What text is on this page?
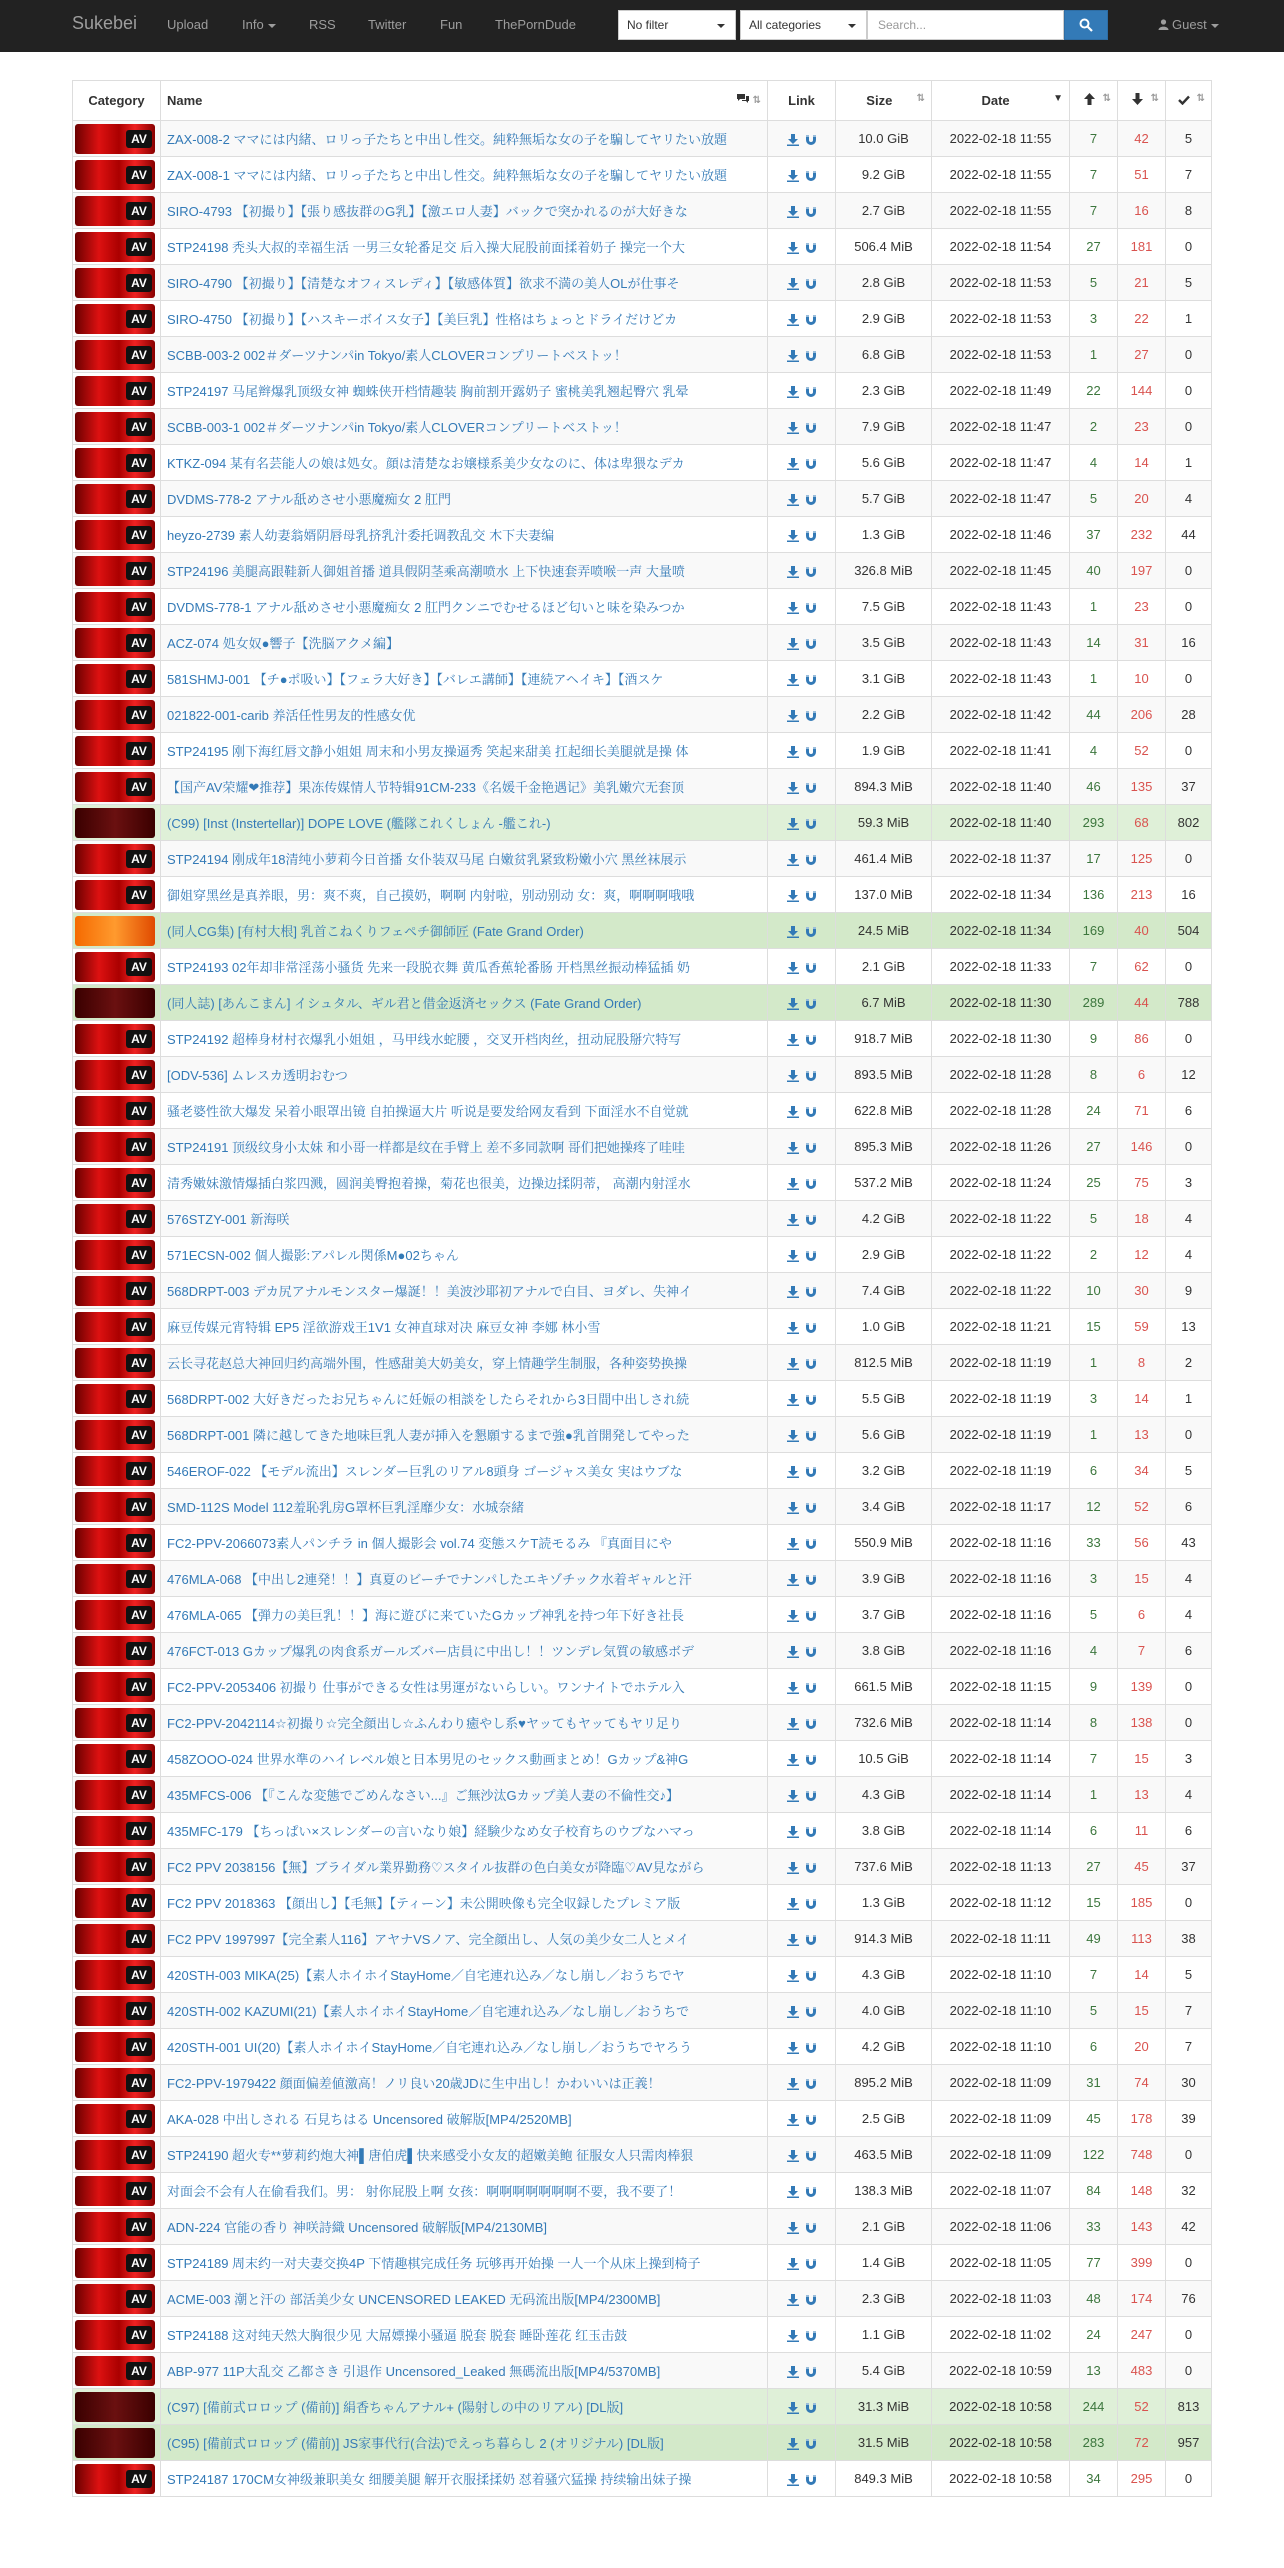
Sukebei Upload	Info	RSS Twitter	Fun	ThePornDude	No filter	All categories	Search...	Guest
Category	Name ⇅	Link	Size ⇅	Date ▼	⇅	⇅	⇅

AV	ZAX-008-2 ママには内緒、ロリっ子たちと中出し性交。純粋無垢な女の子を騙してヤリたい放題		10.0 GiB	2022-02-18 11:55	7	42	5

AV	ZAX-008-1 ママには内緒、ロリっ子たちと中出し性交。純粋無垢な女の子を騙してヤリたい放題		9.2 GiB	2022-02-18 11:55	7	51	7

AV	SIRO-4793 【初撮り】【張り感抜群のG乳】【激エロ人妻】バックで突かれるのが大好きな		2.7 GiB	2022-02-18 11:55	7	16	8

AV	STP24198 秃头大叔的幸福生活 一男三女轮番足交 后入操大屁股前面揉着奶子 操完一个大		506.4 MiB	2022-02-18 11:54	27	181	0

AV	SIRO-4790 【初撮り】【清楚なオフィスレディ】【敏感体質】欲求不満の美人OLが仕事そ		2.8 GiB	2022-02-18 11:53	5	21	5

AV	SIRO-4750 【初撮り】【ハスキーボイス女子】【美巨乳】性格はちょっとドライだけどカ		2.9 GiB	2022-02-18 11:53	3	22	1

AV	SCBB-003-2 002＃ダーツナンパin Tokyo/素人CLOVERコンプリートベストッ！		6.8 GiB	2022-02-18 11:53	1	27	0

AV	STP24197 马尾辫爆乳顶级女神 蜘蛛侠开档情趣装 胸前割开露奶子 蜜桃美乳翘起臀穴 乳晕		2.3 GiB	2022-02-18 11:49	22	144	0

AV	SCBB-003-1 002＃ダーツナンパin Tokyo/素人CLOVERコンプリートベストッ！		7.9 GiB	2022-02-18 11:47	2	23	0

AV	KTKZ-094 某有名芸能人の娘は処女。顔は清楚なお嬢様系美少女なのに、体は卑猥なデカ		5.6 GiB	2022-02-18 11:47	4	14	1

AV	DVDMS-778-2 アナル舐めさせ小悪魔痴女 2 肛門		5.7 GiB	2022-02-18 11:47	5	20	4

AV	heyzo-2739 素人幼妻翁婿阴唇母乳挤乳汁委托调教乱交 木下夫妻编		1.3 GiB	2022-02-18 11:46	37	232	44

AV	STP24196 美腿高跟鞋新人御姐首播 道具假阴茎乘高潮喷水 上下快速套弄喷喉一声 大量喷		326.8 MiB	2022-02-18 11:45	40	197	0

AV	DVDMS-778-1 アナル舐めさせ小悪魔痴女 2 肛門クンニでむせるほど匂いと味を染みつか		7.5 GiB	2022-02-18 11:43	1	23	0

AV	ACZ-074 処女奴●響子【洗脳アクメ編】		3.5 GiB	2022-02-18 11:43	14	31	16

AV	581SHMJ-001 【チ●ポ吸い】【フェラ大好き】【バレエ講師】【連続アヘイキ】【酒スケ		3.1 GiB	2022-02-18 11:43	1	10	0

AV	021822-001-carib 养活任性男友的性感女优		2.2 GiB	2022-02-18 11:42	44	206	28

AV	STP24195 刚下海红唇文静小姐姐 周末和小男友操逼秀 笑起来甜美 扛起细长美腿就是操 体		1.9 GiB	2022-02-18 11:41	4	52	0

AV	【国产AV荣耀❤推荐】果冻传媒情人节特辑91CM-233《名媛千金艳遇记》美乳嫩穴无套顶		894.3 MiB	2022-02-18 11:40	46	135	37

	(C99) [Inst (Instertellar)] DOPE LOVE (艦隊これくしょん -艦これ-)		59.3 MiB	2022-02-18 11:40	293	68	802

AV	STP24194 刚成年18清纯小萝莉今日首播 女仆装双马尾 白嫩贫乳紧致粉嫩小穴 黑丝袜展示		461.4 MiB	2022-02-18 11:37	17	125	0

AV	御姐穿黑丝是真养眼，男：爽不爽，自己摸奶，啊啊 内射啦，别动别动 女：爽，啊啊啊哦哦		137.0 MiB	2022-02-18 11:34	136	213	16

	(同人CG集) [有村大根] 乳首こねくりフェペチ御師匠 (Fate Grand Order)		24.5 MiB	2022-02-18 11:34	169	40	504

AV	STP24193 02年却非常淫荡小骚货 先来一段脱衣舞 黄瓜香蕉轮番肠 开档黑丝振动棒猛插 奶		2.1 GiB	2022-02-18 11:33	7	62	0

	(同人誌) [あんこまん] イシュタル、ギル君と借金返済セックス (Fate Grand Order)		6.7 MiB	2022-02-18 11:30	289	44	788

AV	STP24192 超棒身材村衣爆乳小姐姐 ，马甲线水蛇腰 ，交叉开档肉丝，扭动屁股掰穴特写		918.7 MiB	2022-02-18 11:30	9	86	0

AV	[ODV-536] ムレスカ透明おむつ		893.5 MiB	2022-02-18 11:28	8	6	12

AV	骚老婆性欲大爆发 呆着小眼罩出镜 自拍操逼大片 听说是要发给网友看到 下面淫水不自觉就		622.8 MiB	2022-02-18 11:28	24	71	6

AV	STP24191 顶级纹身小太妹 和小哥一样都是纹在手臂上 差不多同款啊 哥们把她操疼了哇哇		895.3 MiB	2022-02-18 11:26	27	146	0

AV	清秀嫩妹激情爆插白浆四溅，圆润美臀抱着操，菊花也很美，边操边揉阴蒂， 高潮内射淫水		537.2 MiB	2022-02-18 11:24	25	75	3

AV	576STZY-001 新海咲		4.2 GiB	2022-02-18 11:22	5	18	4

AV	571ECSN-002 個人撮影:アパレル関係M●02ちゃん		2.9 GiB	2022-02-18 11:22	2	12	4

AV	568DRPT-003 デカ尻アナルモンスター爆誕！！美波沙耶初アナルで白目、ヨダレ、失神イ		7.4 GiB	2022-02-18 11:22	10	30	9

AV	麻豆传媒元宵特辑 EP5 淫欲游戏王1V1 女神直球对决 麻豆女神 李娜 林小雪		1.0 GiB	2022-02-18 11:21	15	59	13

AV	云长寻花赵总大神回归约高端外围，性感甜美大奶美女，穿上情趣学生制服，各种姿势换操		812.5 MiB	2022-02-18 11:19	1	8	2

AV	568DRPT-002 大好きだったお兄ちゃんに妊娠の相談をしたらそれから3日間中出しされ続		5.5 GiB	2022-02-18 11:19	3	14	1

AV	568DRPT-001 隣に越してきた地味巨乳人妻が挿入を懇願するまで強●乳首開発してやった		5.6 GiB	2022-02-18 11:19	1	13	0

AV	546EROF-022 【モデル流出】スレンダー巨乳のリアル8頭身 ゴージャス美女 実はウブな		3.2 GiB	2022-02-18 11:19	6	34	5

AV	SMD-112S Model 112羞恥乳房G罩杯巨乳淫靡少女：水城奈緒		3.4 GiB	2022-02-18 11:17	12	52	6

AV	FC2-PPV-2066073素人パンチラ in 個人撮影会 vol.74 変態スケT読モるみ 『真面目にや		550.9 MiB	2022-02-18 11:16	33	56	43

AV	476MLA-068 【中出し2連発！！】真夏のビーチでナンパしたエキゾチック水着ギャルと汗		3.9 GiB	2022-02-18 11:16	3	15	4

AV	476MLA-065 【弾力の美巨乳！！】海に遊びに来ていたGカップ神乳を持つ年下好き社長		3.7 GiB	2022-02-18 11:16	5	6	4

AV	476FCT-013 Gカップ爆乳の肉食系ガールズバー店員に中出し！！ツンデレ気質の敏感ボデ		3.8 GiB	2022-02-18 11:16	4	7	6

AV	FC2-PPV-2053406 初撮り 仕事ができる女性は男運がないらしい。ワンナイトでホテル入		661.5 MiB	2022-02-18 11:15	9	139	0

AV	FC2-PPV-2042114☆初撮り☆完全顔出し☆ふんわり癒やし系♥ヤッてもヤッてもヤリ足り		732.6 MiB	2022-02-18 11:14	8	138	0

AV	458ZOOO-024 世界水準のハイレベル娘と日本男児のセックス動画まとめ！Gカップ&神G		10.5 GiB	2022-02-18 11:14	7	15	3

AV	435MFCS-006 【『こんな変態でごめんなさい...』ご無沙汰Gカップ美人妻の不倫性交♪】		4.3 GiB	2022-02-18 11:14	1	13	4

AV	435MFC-179 【ちっぱい×スレンダーの言いなり娘】経験少なめ女子校育ちのウブなハマっ		3.8 GiB	2022-02-18 11:14	6	11	6

AV	FC2 PPV 2038156【無】ブライダル業界勤務♡スタイル抜群の色白美女が降臨♡AV見ながら		737.6 MiB	2022-02-18 11:13	27	45	37

AV	FC2 PPV 2018363 【顔出し】【毛無】【ティーン】未公開映像も完全収録したプレミア版		1.3 GiB	2022-02-18 11:12	15	185	0

AV	FC2 PPV 1997997【完全素人116】アヤナVSノア、完全顔出し、人気の美少女二人とメイ		914.3 MiB	2022-02-18 11:11	49	113	38

AV	420STH-003 MIKA(25)【素人ホイホイStayHome／自宅連れ込み／なし崩し／おうちでヤ		4.3 GiB	2022-02-18 11:10	7	14	5

AV	420STH-002 KAZUMI(21)【素人ホイホイStayHome／自宅連れ込み／なし崩し／おうちで		4.0 GiB	2022-02-18 11:10	5	15	7

AV	420STH-001 UI(20)【素人ホイホイStayHome／自宅連れ込み／なし崩し／おうちでヤろう		4.2 GiB	2022-02-18 11:10	6	20	7

AV	FC2-PPV-1979422 顔面偏差値激高！ノリ良い20歳JDに生中出し！かわいいは正義！		895.2 MiB	2022-02-18 11:09	31	74	30

AV	AKA-028 中出しされる 石見ちはる Uncensored 破解版[MP4/2520MB]		2.5 GiB	2022-02-18 11:09	45	178	39

AV	STP24190 超火专**萝莉约炮大神▌唐伯虎▌快来感受小女友的超嫩美鲍 征服女人只需肉棒狠		463.5 MiB	2022-02-18 11:09	122	748	0

AV	对面会不会有人在偷看我们。男： 射你屁股上啊 女孩：啊啊啊啊啊啊啊不要，我不要了！		138.3 MiB	2022-02-18 11:07	84	148	32

AV	ADN-224 官能の香り 神咲詩織 Uncensored 破解版[MP4/2130MB]		2.1 GiB	2022-02-18 11:06	33	143	42

AV	STP24189 周末约一对夫妻交换4P 下情趣棋完成任务 玩够再开始操 一人一个从床上操到椅子		1.4 GiB	2022-02-18 11:05	77	399	0

AV	ACME-003 潮と汗の 部活美少女 UNCENSORED LEAKED 无码流出版[MP4/2300MB]		2.3 GiB	2022-02-18 11:03	48	174	76

AV	STP24188 这对纯天然大胸很少见 大屌嫖操小骚逼 脱套 脱套 睡卧莲花 红玉击鼓		1.1 GiB	2022-02-18 11:02	24	247	0

AV	ABP-977 11P大乱交 乙都さき 引退作 Uncensored_Leaked 無碼流出版[MP4/5370MB]		5.4 GiB	2022-02-18 10:59	13	483	0

	(C97) [備前式ロロップ (備前)] 絹香ちゃんアナル+ (陽射しの中のリアル) [DL版]		31.3 MiB	2022-02-18 10:58	244	52	813

	(C95) [備前式ロロップ (備前)] JS家事代行(合法)でえっち暮らし 2 (オリジナル) [DL版]		31.5 MiB	2022-02-18 10:58	283	72	957

AV	STP24187 170CM女神级兼职美女 细腰美腿 解开衣服揉揉奶 怼着骚穴猛操 持续输出妹子操		849.3 MiB	2022-02-18 10:58	34	295	0
